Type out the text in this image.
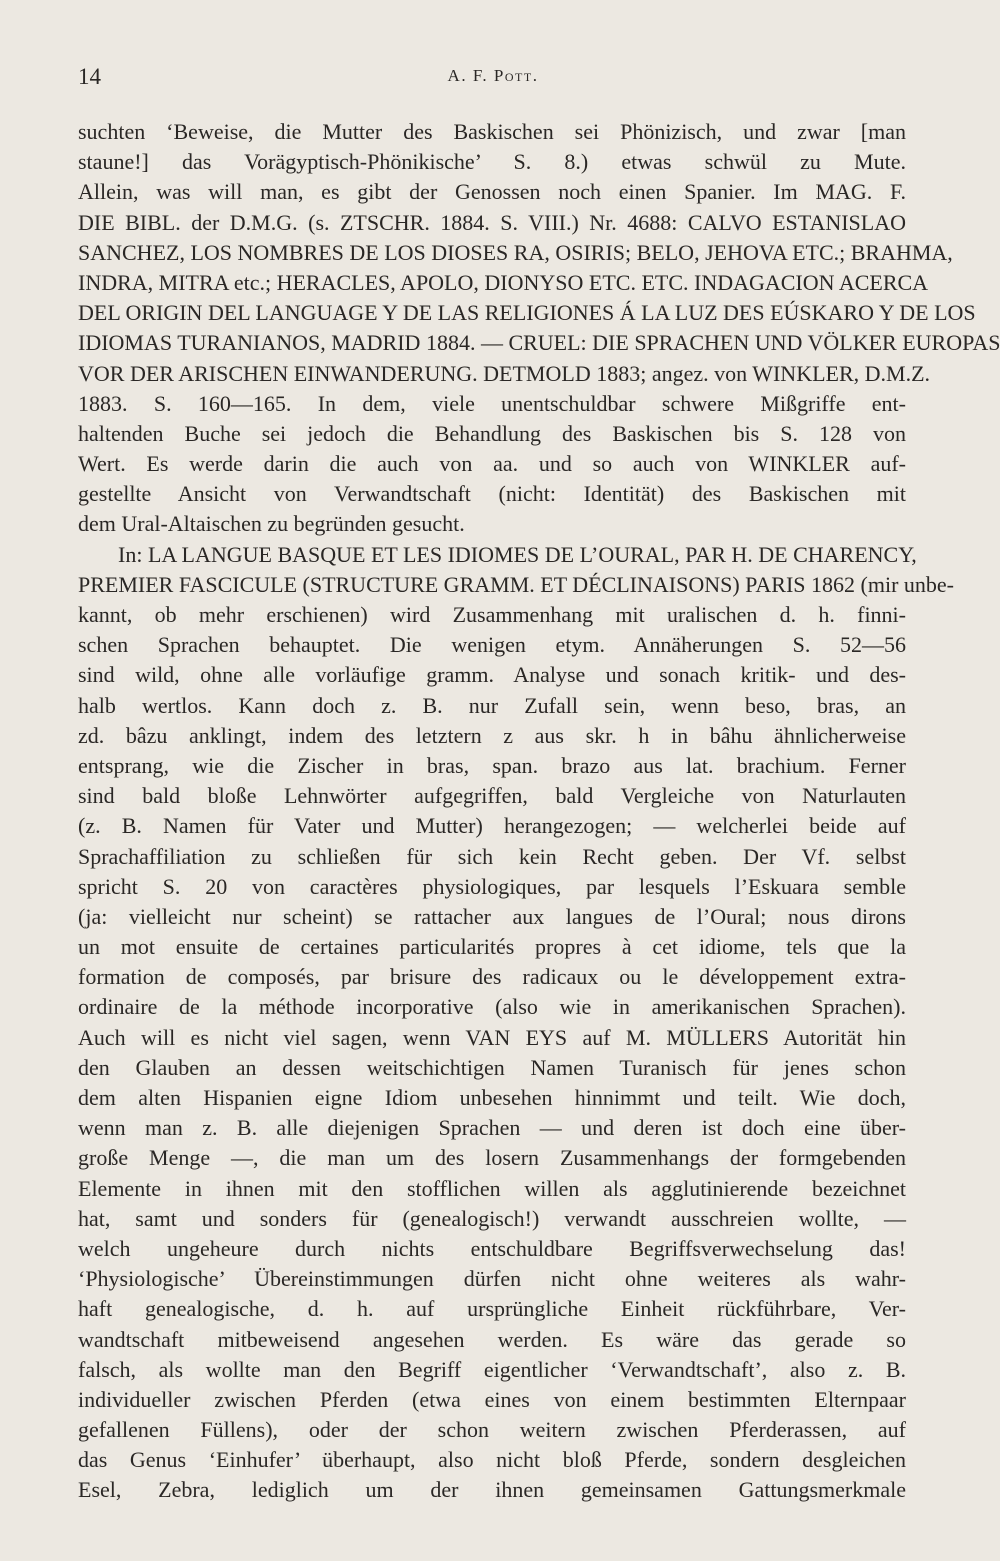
14	A. F. Pott.
suchten ‘Beweise, die Mutter des Baskischen sei Phönizisch, und zwar [man
staune!] das Vorägyptisch-Phönikische’ S. 8.) etwas schwül zu Mute.
Allein, was will man, es gibt der Genossen noch einen Spanier. Im MAG. F.
DIE BIBL. der D.M.G. (s. ZTSCHR. 1884. S. VIII.) Nr. 4688: CALVO ESTANISLAO
SANCHEZ, LOS NOMBRES DE LOS DIOSES RA, OSIRIS; BELO, JEHOVA ETC.; BRAHMA,
INDRA, MITRA etc.; HERACLES, APOLO, DIONYSO ETC. ETC. INDAGACION ACERCA
DEL ORIGIN DEL LANGUAGE Y DE LAS RELIGIONES Á LA LUZ DES EÚSKARO Y DE LOS
IDIOMAS TURANIANOS, MADRID 1884. — CRUEL: DIE SPRACHEN UND VÖLKER EUROPAS
VOR DER ARISCHEN EINWANDERUNG. DETMOLD 1883; angez. von WINKLER, D.M.Z.
1883. S. 160—165. In dem, viele unentschuldbar schwere Mißgriffe ent-
haltenden Buche sei jedoch die Behandlung des Baskischen bis S. 128 von
Wert. Es werde darin die auch von aa. und so auch von WINKLER auf-
gestellte Ansicht von Verwandtschaft (nicht: Identität) des Baskischen mit
dem Ural-Altaischen zu begründen gesucht.
In: LA LANGUE BASQUE ET LES IDIOMES DE L’OURAL, PAR H. DE CHARENCY,
PREMIER FASCICULE (STRUCTURE GRAMM. ET DÉCLINAISONS) PARIS 1862 (mir unbe-
kannt, ob mehr erschienen) wird Zusammenhang mit uralischen d. h. finni-
schen Sprachen behauptet. Die wenigen etym. Annäherungen S. 52—56
sind wild, ohne alle vorläufige gramm. Analyse und sonach kritik- und des-
halb wertlos. Kann doch z. B. nur Zufall sein, wenn beso, bras, an
zd. bâzu anklingt, indem des letztern z aus skr. h in bâhu ähnlicherweise
entsprang, wie die Zischer in bras, span. brazo aus lat. brachium. Ferner
sind bald bloße Lehnwörter aufgegriffen, bald Vergleiche von Naturlauten
(z. B. Namen für Vater und Mutter) herangezogen; — welcherlei beide auf
Sprachaffiliation zu schließen für sich kein Recht geben. Der Vf. selbst
spricht S. 20 von caractères physiologiques, par lesquels l’Eskuara semble
(ja: vielleicht nur scheint) se rattacher aux langues de l’Oural; nous dirons
un mot ensuite de certaines particularités propres à cet idiome, tels que la
formation de composés, par brisure des radicaux ou le développement extra-
ordinaire de la méthode incorporative (also wie in amerikanischen Sprachen).
Auch will es nicht viel sagen, wenn VAN EYS auf M. MÜLLERS Autorität hin
den Glauben an dessen weitschichtigen Namen Turanisch für jenes schon
dem alten Hispanien eigne Idiom unbesehen hinnimmt und teilt. Wie doch,
wenn man z. B. alle diejenigen Sprachen — und deren ist doch eine über-
große Menge —, die man um des losern Zusammenhangs der formgebenden
Elemente in ihnen mit den stofflichen willen als agglutinierende bezeichnet
hat, samt und sonders für (genealogisch!) verwandt ausschreien wollte, —
welch ungeheure durch nichts entschuldbare Begriffsverwechselung das!
‘Physiologische’ Übereinstimmungen dürfen nicht ohne weiteres als wahr-
haft genealogische, d. h. auf ursprüngliche Einheit rückführbare, Ver-
wandtschaft mitbeweisend angesehen werden. Es wäre das gerade so
falsch, als wollte man den Begriff eigentlicher ‘Verwandtschaft’, also z. B.
individueller zwischen Pferden (etwa eines von einem bestimmten Elternpaar
gefallenen Füllens), oder der schon weitern zwischen Pferderassen, auf
das Genus ‘Einhufer’ überhaupt, also nicht bloß Pferde, sondern desgleichen
Esel, Zebra, lediglich um der ihnen gemeinsamen Gattungsmerkmale
